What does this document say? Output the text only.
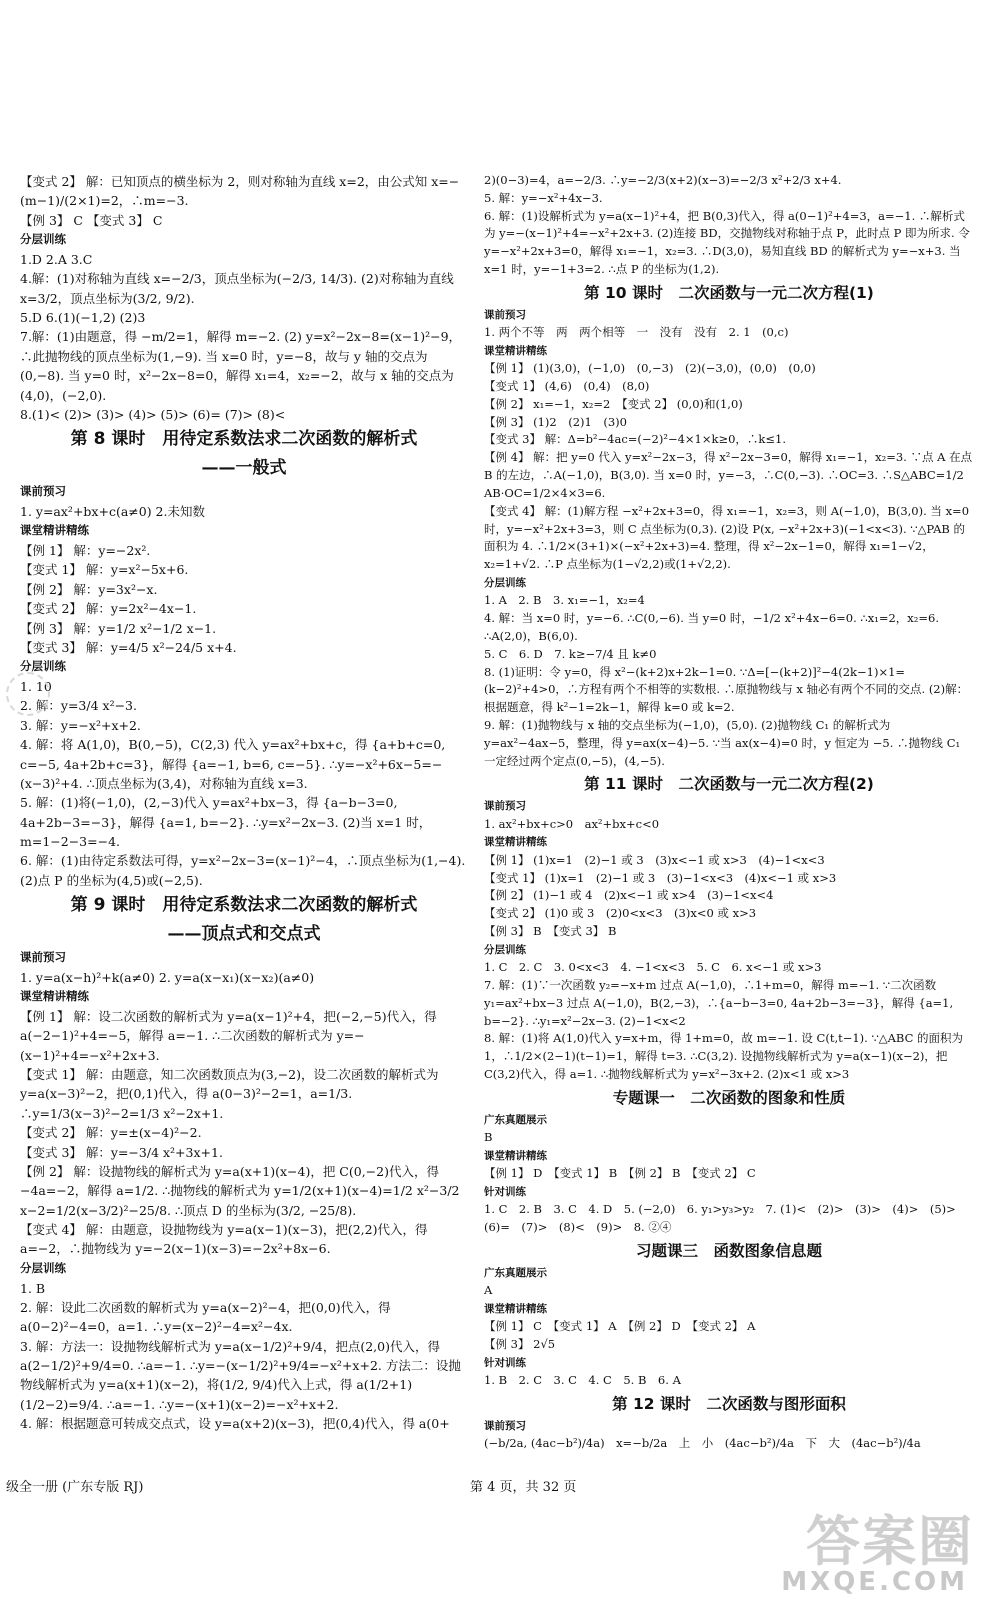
【变式 2】 解：已知顶点的横坐标为 2，则对称轴为直线 x=2，由公式知 x=−(m−1)/(2×1)=2，∴m=−3.
【例 3】 C 【变式 3】 C
分层训练
1.D 2.A 3.C
4.解：(1)对称轴为直线 x=−2/3，顶点坐标为(−2/3, 14/3). (2)对称轴为直线 x=3/2，顶点坐标为(3/2, 9/2).
5.D 6.(1)(−1,2) (2)3
7.解：(1)由题意，得 −m/2=1，解得 m=−2. (2) y=x²−2x−8=(x−1)²−9，∴此抛物线的顶点坐标为(1,−9). 当 x=0 时，y=−8，故与 y 轴的交点为(0,−8). 当 y=0 时，x²−2x−8=0，解得 x₁=4，x₂=−2，故与 x 轴的交点为(4,0)，(−2,0).
8.(1)< (2)> (3)> (4)> (5)> (6)= (7)> (8)<
第 8 课时　用待定系数法求二次函数的解析式
——一般式
课前预习
1. y=ax²+bx+c(a≠0) 2.未知数
课堂精讲精练
【例 1】 解：y=−2x².
【变式 1】 解：y=x²−5x+6.
【例 2】 解：y=3x²−x.
【变式 2】 解：y=2x²−4x−1.
【例 3】 解：y=1/2 x²−1/2 x−1.
【变式 3】 解：y=4/5 x²−24/5 x+4.
分层训练
1. 10
2. 解：y=3/4 x²−3.
3. 解：y=−x²+x+2.
4. 解：将 A(1,0)，B(0,−5)，C(2,3) 代入 y=ax²+bx+c，得 {a+b+c=0, c=−5, 4a+2b+c=3}，解得 {a=−1, b=6, c=−5}. ∴y=−x²+6x−5=−(x−3)²+4. ∴顶点坐标为(3,4)，对称轴为直线 x=3.
5. 解：(1)将(−1,0)，(2,−3)代入 y=ax²+bx−3，得 {a−b−3=0, 4a+2b−3=−3}，解得 {a=1, b=−2}. ∴y=x²−2x−3. (2)当 x=1 时，m=1−2−3=−4.
6. 解：(1)由待定系数法可得，y=x²−2x−3=(x−1)²−4，∴顶点坐标为(1,−4). (2)点 P 的坐标为(4,5)或(−2,5).
第 9 课时　用待定系数法求二次函数的解析式
——顶点式和交点式
课前预习
1. y=a(x−h)²+k(a≠0) 2. y=a(x−x₁)(x−x₂)(a≠0)
课堂精讲精练
【例 1】 解：设二次函数的解析式为 y=a(x−1)²+4，把(−2,−5)代入，得 a(−2−1)²+4=−5，解得 a=−1. ∴二次函数的解析式为 y=−(x−1)²+4=−x²+2x+3.
【变式 1】 解：由题意，知二次函数顶点为(3,−2)，设二次函数的解析式为 y=a(x−3)²−2，把(0,1)代入，得 a(0−3)²−2=1，a=1/3. ∴y=1/3(x−3)²−2=1/3 x²−2x+1.
【变式 2】 解：y=±(x−4)²−2.
【变式 3】 解：y=−3/4 x²+3x+1.
【例 2】 解：设抛物线的解析式为 y=a(x+1)(x−4)，把 C(0,−2)代入，得 −4a=−2，解得 a=1/2. ∴抛物线的解析式为 y=1/2(x+1)(x−4)=1/2 x²−3/2 x−2=1/2(x−3/2)²−25/8. ∴顶点 D 的坐标为(3/2, −25/8).
【变式 4】 解：由题意，设抛物线为 y=a(x−1)(x−3)，把(2,2)代入，得 a=−2，∴抛物线为 y=−2(x−1)(x−3)=−2x²+8x−6.
分层训练
1. B
2. 解：设此二次函数的解析式为 y=a(x−2)²−4，把(0,0)代入，得 a(0−2)²−4=0，a=1. ∴y=(x−2)²−4=x²−4x.
3. 解：方法一：设抛物线解析式为 y=a(x−1/2)²+9/4，把点(2,0)代入，得 a(2−1/2)²+9/4=0. ∴a=−1. ∴y=−(x−1/2)²+9/4=−x²+x+2. 方法二：设抛物线解析式为 y=a(x+1)(x−2)，将(1/2, 9/4)代入上式，得 a(1/2+1)(1/2−2)=9/4. ∴a=−1. ∴y=−(x+1)(x−2)=−x²+x+2.
4. 解：根据题意可转成交点式，设 y=a(x+2)(x−3)，把(0,4)代入，得 a(0+
2)(0−3)=4，a=−2/3. ∴y=−2/3(x+2)(x−3)=−2/3 x²+2/3 x+4.
5. 解：y=−x²+4x−3.
6. 解：(1)设解析式为 y=a(x−1)²+4，把 B(0,3)代入，得 a(0−1)²+4=3，a=−1. ∴解析式为 y=−(x−1)²+4=−x²+2x+3. (2)连接 BD，交抛物线对称轴于点 P，此时点 P 即为所求. 令 y=−x²+2x+3=0，解得 x₁=−1，x₂=3. ∴D(3,0)，易知直线 BD 的解析式为 y=−x+3. 当 x=1 时，y=−1+3=2. ∴点 P 的坐标为(1,2).
第 10 课时　二次函数与一元二次方程(1)
课前预习
1. 两个不等　两　两个相等　一　没有　没有　2. 1　(0,c)
课堂精讲精练
【例 1】 (1)(3,0)，(−1,0)　(0,−3)　(2)(−3,0)，(0,0)　(0,0)
【变式 1】 (4,6)　(0,4)　(8,0)
【例 2】 x₁=−1，x₂=2　【变式 2】 (0,0)和(1,0)
【例 3】 (1)2　(2)1　(3)0
【变式 3】 解：Δ=b²−4ac=(−2)²−4×1×k≥0，∴k≤1.
【例 4】 解：把 y=0 代入 y=x²−2x−3，得 x²−2x−3=0，解得 x₁=−1，x₂=3. ∵点 A 在点 B 的左边，∴A(−1,0)，B(3,0). 当 x=0 时，y=−3，∴C(0,−3). ∴OC=3. ∴S△ABC=1/2 AB·OC=1/2×4×3=6.
【变式 4】 解：(1)解方程 −x²+2x+3=0，得 x₁=−1，x₂=3，则 A(−1,0)，B(3,0). 当 x=0 时，y=−x²+2x+3=3，则 C 点坐标为(0,3). (2)设 P(x, −x²+2x+3)(−1<x<3). ∵△PAB 的面积为 4. ∴1/2×(3+1)×(−x²+2x+3)=4. 整理，得 x²−2x−1=0，解得 x₁=1−√2，x₂=1+√2. ∴P 点坐标为(1−√2,2)或(1+√2,2).
分层训练
1. A　2. B　3. x₁=−1，x₂=4
4. 解：当 x=0 时，y=−6. ∴C(0,−6). 当 y=0 时，−1/2 x²+4x−6=0. ∴x₁=2，x₂=6. ∴A(2,0)，B(6,0).
5. C　6. D　7. k≥−7/4 且 k≠0
8. (1)证明：令 y=0，得 x²−(k+2)x+2k−1=0. ∵Δ=[−(k+2)]²−4(2k−1)×1=(k−2)²+4>0，∴方程有两个不相等的实数根. ∴原抛物线与 x 轴必有两个不同的交点. (2)解：根据题意，得 k²−1=2k−1，解得 k=0 或 k=2.
9. 解：(1)抛物线与 x 轴的交点坐标为(−1,0)，(5,0). (2)抛物线 C₁ 的解析式为 y=ax²−4ax−5，整理，得 y=ax(x−4)−5. ∵当 ax(x−4)=0 时，y 恒定为 −5. ∴抛物线 C₁ 一定经过两个定点(0,−5)，(4,−5).
第 11 课时　二次函数与一元二次方程(2)
课前预习
1. ax²+bx+c>0　ax²+bx+c<0
课堂精讲精练
【例 1】 (1)x=1　(2)−1 或 3　(3)x<−1 或 x>3　(4)−1<x<3
【变式 1】 (1)x=1　(2)−1 或 3　(3)−1<x<3　(4)x<−1 或 x>3
【例 2】 (1)−1 或 4　(2)x<−1 或 x>4　(3)−1<x<4
【变式 2】 (1)0 或 3　(2)0<x<3　(3)x<0 或 x>3
【例 3】 B　【变式 3】 B
分层训练
1. C　2. C　3. 0<x<3　4. −1<x<3　5. C　6. x<−1 或 x>3
7. 解：(1)∵一次函数 y₂=−x+m 过点 A(−1,0)，∴1+m=0，解得 m=−1. ∵二次函数 y₁=ax²+bx−3 过点 A(−1,0)，B(2,−3)，∴{a−b−3=0, 4a+2b−3=−3}，解得 {a=1, b=−2}. ∴y₁=x²−2x−3. (2)−1<x<2
8. 解：(1)将 A(1,0)代入 y=x+m，得 1+m=0，故 m=−1. 设 C(t,t−1). ∵△ABC 的面积为 1，∴1/2×(2−1)(t−1)=1，解得 t=3. ∴C(3,2). 设抛物线解析式为 y=a(x−1)(x−2)，把 C(3,2)代入，得 a=1. ∴抛物线解析式为 y=x²−3x+2. (2)x<1 或 x>3
专题课一　二次函数的图象和性质
广东真题展示
B
课堂精讲精练
【例 1】 D　【变式 1】 B　【例 2】 B　【变式 2】 C
针对训练
1. C　2. B　3. C　4. D　5. (−2,0)　6. y₁>y₃>y₂　7. (1)<　(2)>　(3)>　(4)>　(5)>　(6)=　(7)>　(8)<　(9)>　8. ②④
习题课三　函数图象信息题
广东真题展示
A
课堂精讲精练
【例 1】 C　【变式 1】 A　【例 2】 D　【变式 2】 A
【例 3】 2√5
针对训练
1. B　2. C　3. C　4. C　5. B　6. A
第 12 课时　二次函数与图形面积
课前预习
(−b/2a, (4ac−b²)/4a)　x=−b/2a　上　小　(4ac−b²)/4a　下　大　(4ac−b²)/4a
级全一册 (广东专版 RJ)	第 4 页，共 32 页
答案圈
MXQE.COM
